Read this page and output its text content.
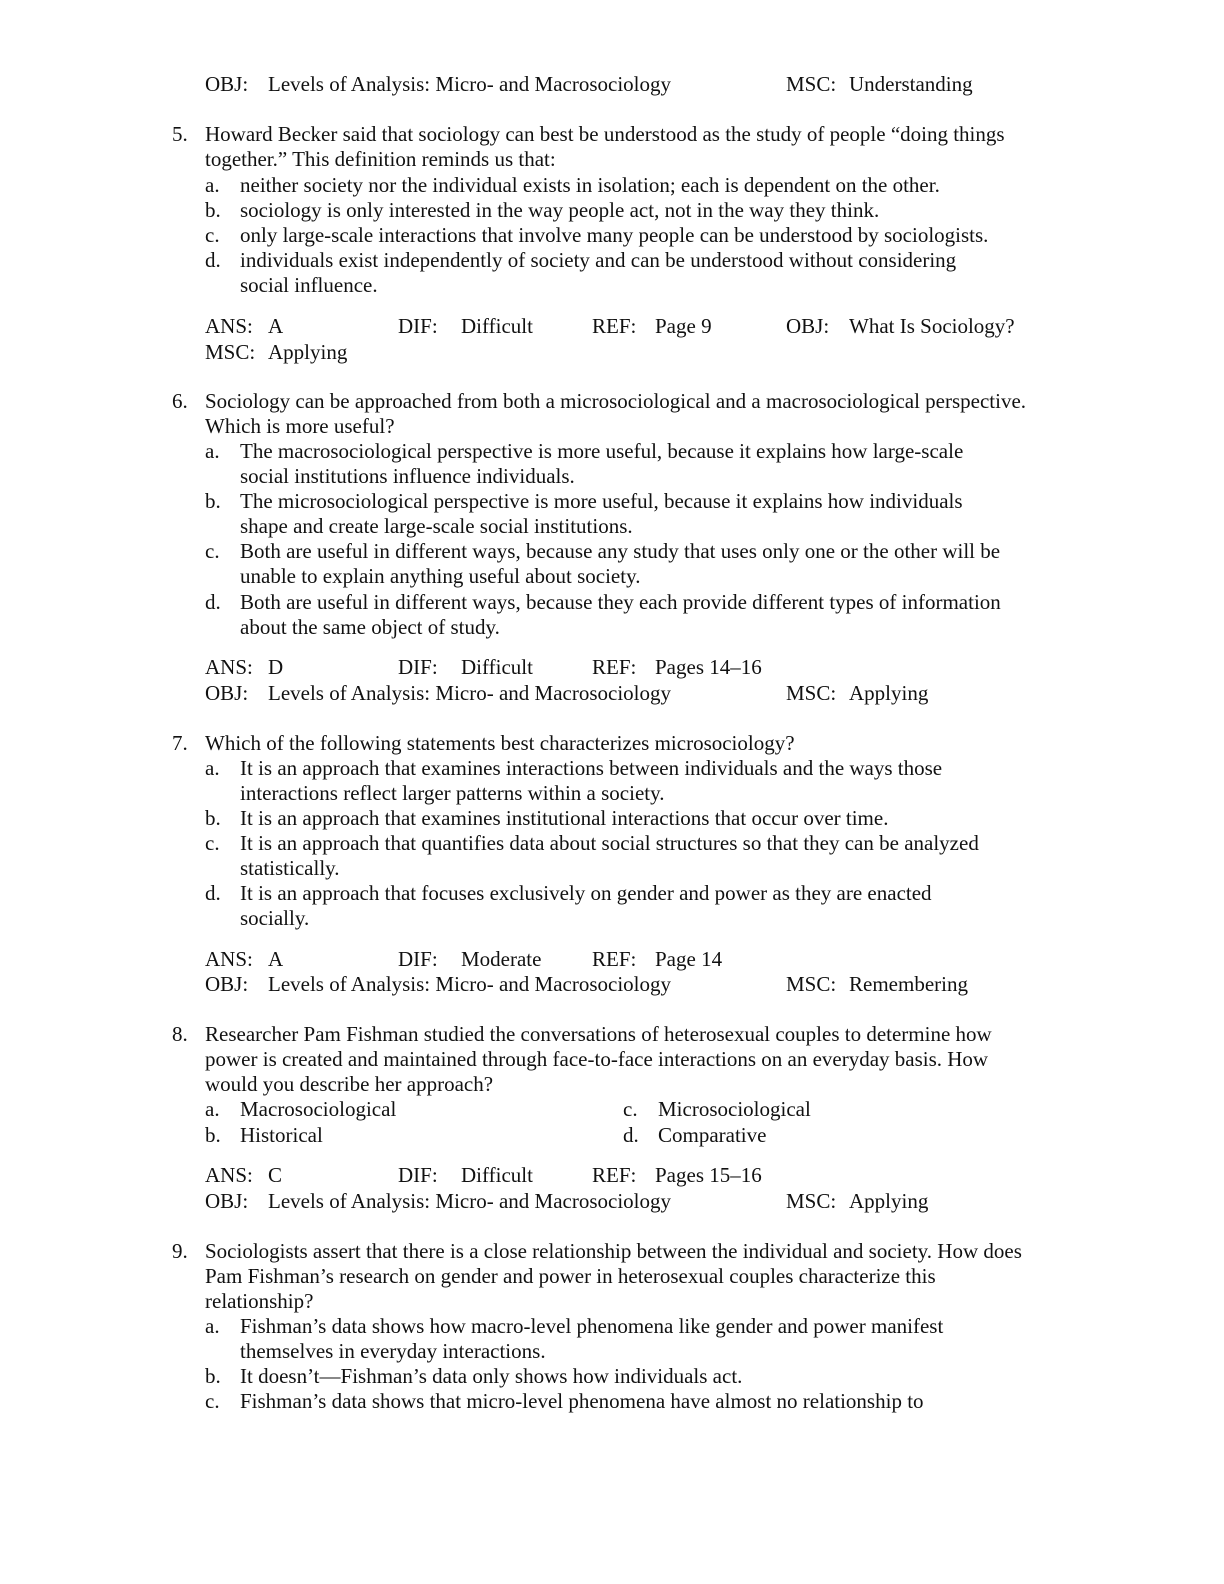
OBJ: Levels of Analysis: Micro- and Macrosociology	MSC: Understanding
5. Howard Becker said that sociology can best be understood as the study of people “doing things
together.” This definition reminds us that:
a. neither society nor the individual exists in isolation; each is dependent on the other.
b. sociology is only interested in the way people act, not in the way they think.
c. only large-scale interactions that involve many people can be understood by sociologists.
d. individuals exist independently of society and can be understood without considering
social influence.
ANS: A	DIF: Difficult	REF: Page 9	OBJ: What Is Sociology?
MSC: Applying
6. Sociology can be approached from both a microsociological and a macrosociological perspective.
Which is more useful?
a. The macrosociological perspective is more useful, because it explains how large-scale
social institutions influence individuals.
b. The microsociological perspective is more useful, because it explains how individuals
shape and create large-scale social institutions.
c. Both are useful in different ways, because any study that uses only one or the other will be
unable to explain anything useful about society.
d. Both are useful in different ways, because they each provide different types of information
about the same object of study.
ANS: D	DIF: Difficult	REF: Pages 14–16
OBJ: Levels of Analysis: Micro- and Macrosociology	MSC: Applying
7. Which of the following statements best characterizes microsociology?
a. It is an approach that examines interactions between individuals and the ways those
interactions reflect larger patterns within a society.
b. It is an approach that examines institutional interactions that occur over time.
c. It is an approach that quantifies data about social structures so that they can be analyzed
statistically.
d. It is an approach that focuses exclusively on gender and power as they are enacted
socially.
ANS: A	DIF: Moderate REF: Page 14
OBJ: Levels of Analysis: Micro- and Macrosociology	MSC: Remembering
8. Researcher Pam Fishman studied the conversations of heterosexual couples to determine how
power is created and maintained through face-to-face interactions on an everyday basis. How
would you describe her approach?
a. Macrosociological
b. Historical
c. Microsociological
d. Comparative
ANS: C	DIF: Difficult	REF: Pages 15–16
OBJ: Levels of Analysis: Micro- and Macrosociology	MSC: Applying
9. Sociologists assert that there is a close relationship between the individual and society. How does
Pam Fishman’s research on gender and power in heterosexual couples characterize this
relationship?
a. Fishman’s data shows how macro-level phenomena like gender and power manifest
themselves in everyday interactions.
b. It doesn’t—Fishman’s data only shows how individuals act.
c. Fishman’s data shows that micro-level phenomena have almost no relationship to
